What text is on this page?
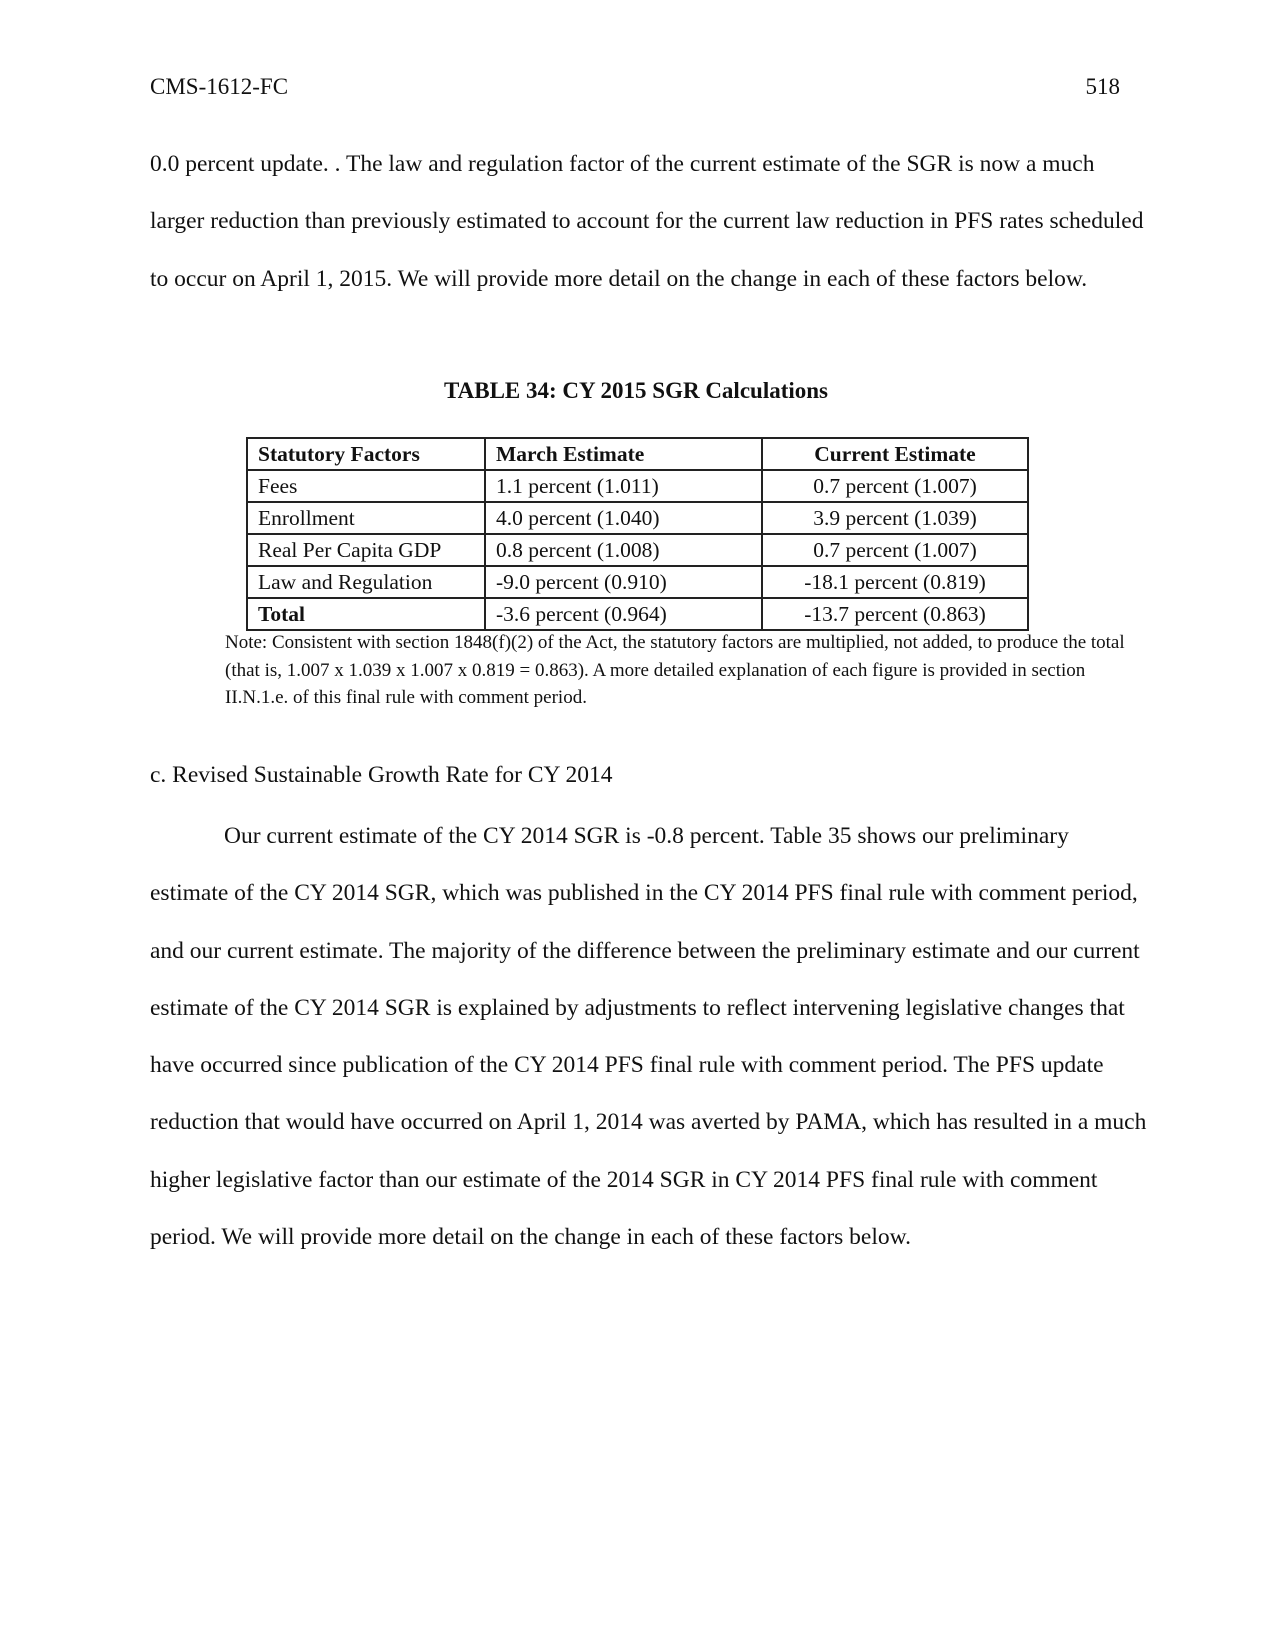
CMS-1612-FC	518

0.0 percent update. . The law and regulation factor of the current estimate of the SGR is now a much larger reduction than previously estimated to account for the current law reduction in PFS rates scheduled to occur on April 1, 2015. We will provide more detail on the change in each of these factors below.

TABLE 34: CY 2015 SGR Calculations
Statutory Factors	March Estimate	Current Estimate
Fees	1.1 percent (1.011)	0.7 percent (1.007)
Enrollment	4.0 percent (1.040)	3.9 percent (1.039)
Real Per Capita GDP	0.8 percent (1.008)	0.7 percent (1.007)
Law and Regulation	-9.0 percent (0.910)	-18.1 percent (0.819)
Total	-3.6 percent (0.964)	-13.7 percent (0.863)

Note: Consistent with section 1848(f)(2) of the Act, the statutory factors are multiplied, not added, to produce the total (that is, 1.007 x 1.039 x 1.007 x 0.819 = 0.863). A more detailed explanation of each figure is provided in section II.N.1.e. of this final rule with comment period.

c. Revised Sustainable Growth Rate for CY 2014

Our current estimate of the CY 2014 SGR is -0.8 percent. Table 35 shows our preliminary estimate of the CY 2014 SGR, which was published in the CY 2014 PFS final rule with comment period, and our current estimate. The majority of the difference between the preliminary estimate and our current estimate of the CY 2014 SGR is explained by adjustments to reflect intervening legislative changes that have occurred since publication of the CY 2014 PFS final rule with comment period. The PFS update reduction that would have occurred on April 1, 2014 was averted by PAMA, which has resulted in a much higher legislative factor than our estimate of the 2014 SGR in CY 2014 PFS final rule with comment period. We will provide more detail on the change in each of these factors below.
